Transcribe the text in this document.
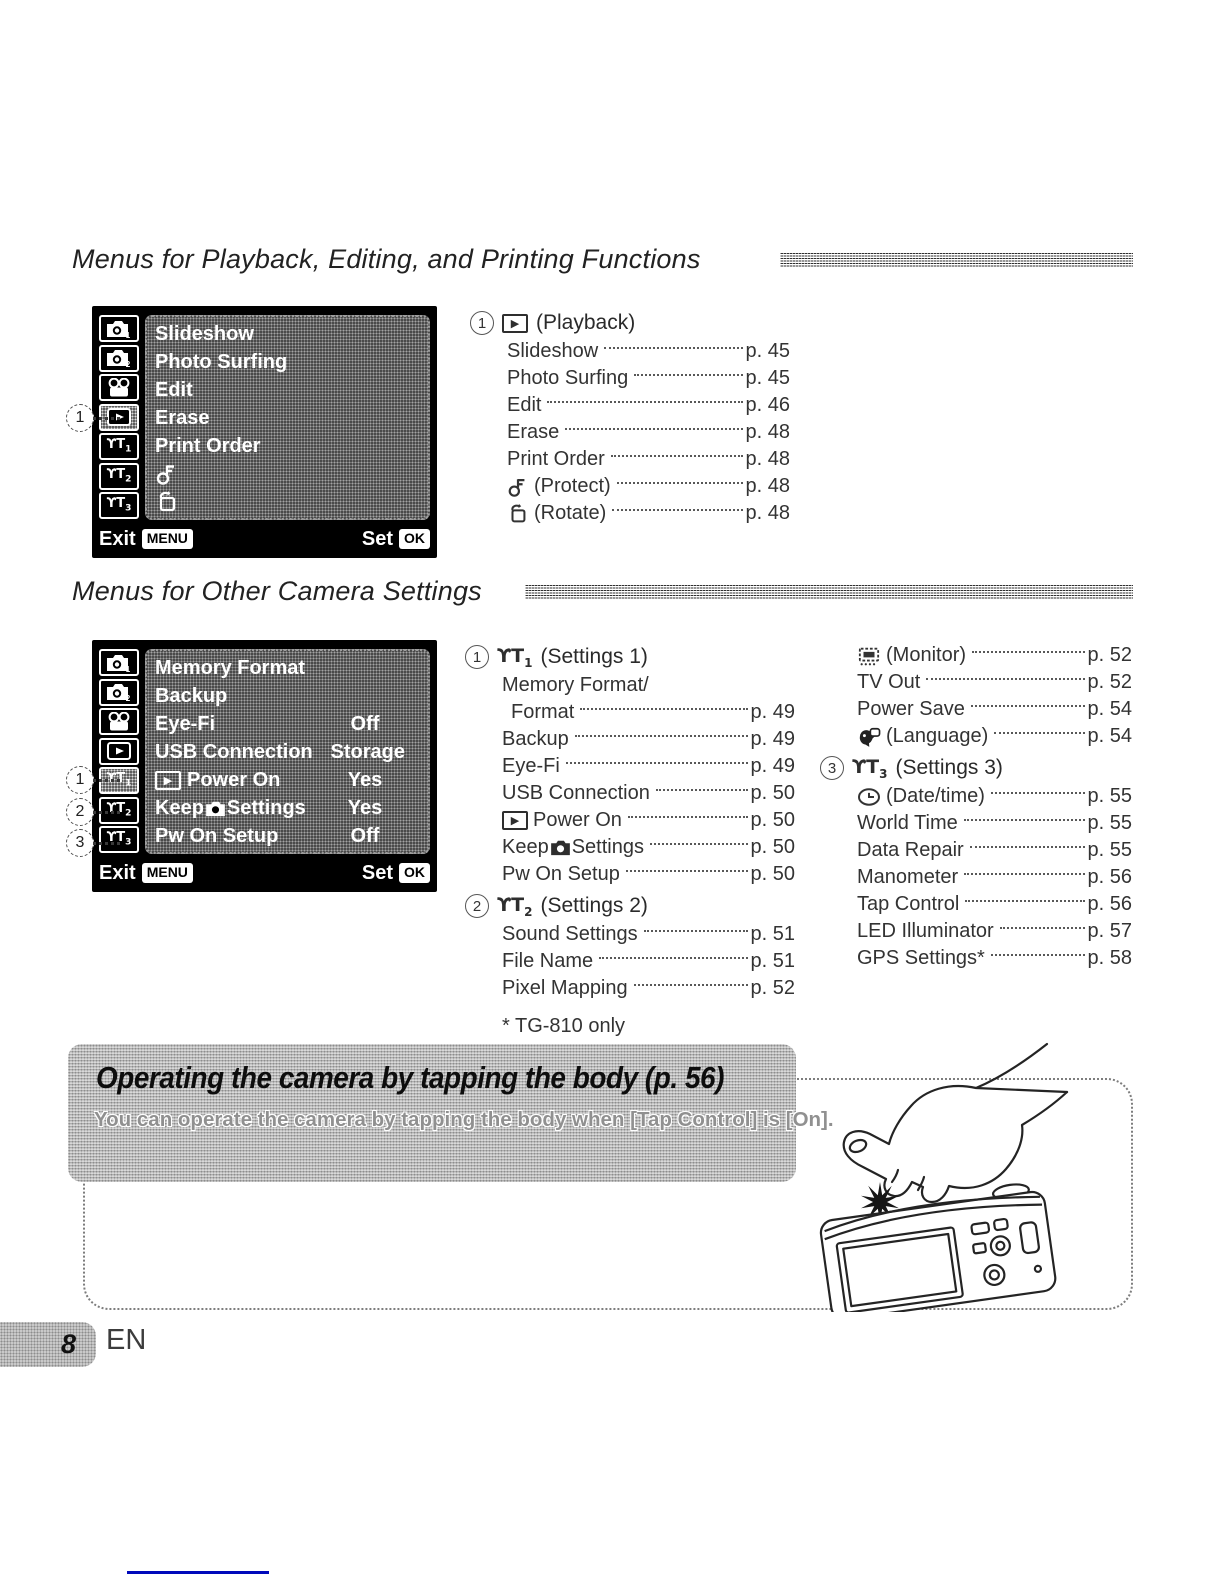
Menus for Playback, Editing, and Printing Functions
1
2
$ϒT_1$
$ϒT_2$
$ϒT_3$
Slideshow
Photo Surfing
Edit
Erase
Print Order
Exit MENU	Set OK
1
1 ▶ (Playback)
Slideshow	p. 45
Photo Surfing	p. 45
Edit	p. 46
Erase	p. 48
Print Order	p. 48
(Protect)	p. 48
(Rotate)	p. 48
Menus for Other Camera Settings
1
2
$ϒT_1$
$ϒT_2$
$ϒT_3$
Memory Format
Backup
Eye-Fi	Off
USB Connection Storage
▶ Power On	Yes
Keep Settings	Yes
Pw On Setup	Off
Exit MENU	Set OK
1
2
3
1 $ϒT_1$ (Settings 1)
Memory Format/
Format	p. 49
Backup	p. 49
Eye-Fi	p. 49
USB Connection	p. 50
▶ Power On	p. 50
Keep Settings	p. 50
Pw On Setup	p. 50
2 $ϒT_2$ (Settings 2)
Sound Settings	p. 51
File Name	p. 51
Pixel Mapping	p. 52
* TG-810 only
(Monitor)	p. 52
TV Out	p. 52
Power Save	p. 54
(Language)	p. 54
3 $ϒT_3$ (Settings 3)
(Date/time)	p. 55
World Time	p. 55
Data Repair	p. 55
Manometer	p. 56
Tap Control	p. 56
LED Illuminator	p. 57
GPS Settings*	p. 58
Operating the camera by tapping the body (p. 56)
You can operate the camera by tapping the body when [Tap Control] is [On].
8 EN
